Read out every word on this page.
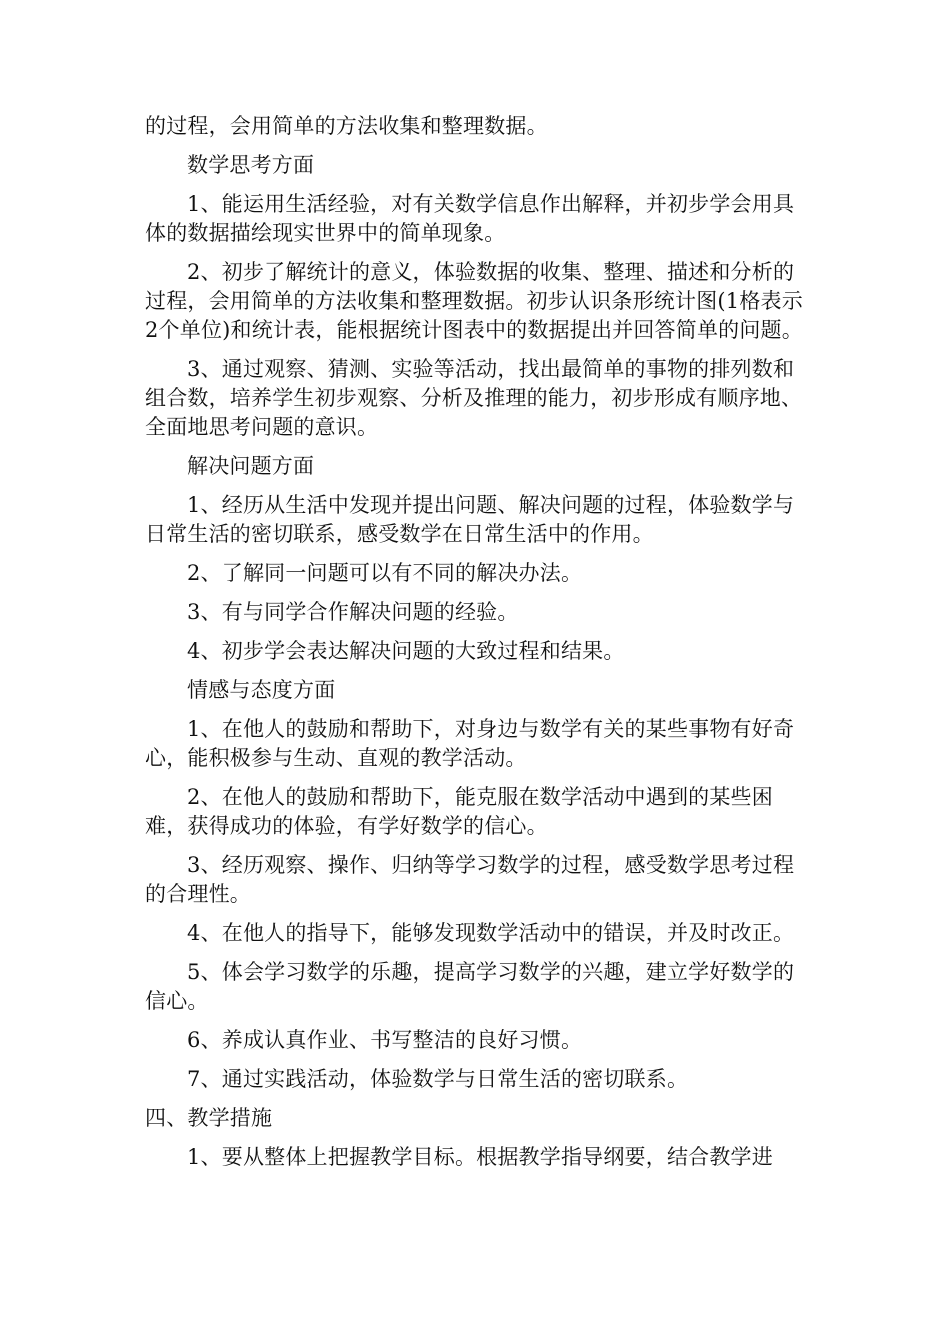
的过程，会用简单的方法收集和整理数据。

数学思考方面

1、能运用生活经验，对有关数学信息作出解释，并初步学会用具体的数据描绘现实世界中的简单现象。

2、初步了解统计的意义，体验数据的收集、整理、描述和分析的过程，会用简单的方法收集和整理数据。初步认识条形统计图(1格表示2个单位)和统计表，能根据统计图表中的数据提出并回答简单的问题。

3、通过观察、猜测、实验等活动，找出最简单的事物的排列数和组合数，培养学生初步观察、分析及推理的能力，初步形成有顺序地、全面地思考问题的意识。

解决问题方面

1、经历从生活中发现并提出问题、解决问题的过程，体验数学与日常生活的密切联系，感受数学在日常生活中的作用。

2、了解同一问题可以有不同的解决办法。

3、有与同学合作解决问题的经验。

4、初步学会表达解决问题的大致过程和结果。

情感与态度方面

1、在他人的鼓励和帮助下，对身边与数学有关的某些事物有好奇心，能积极参与生动、直观的教学活动。

2、在他人的鼓励和帮助下，能克服在数学活动中遇到的某些困难，获得成功的体验，有学好数学的信心。

3、经历观察、操作、归纳等学习数学的过程，感受数学思考过程的合理性。

4、在他人的指导下，能够发现数学活动中的错误，并及时改正。

5、体会学习数学的乐趣，提高学习数学的兴趣，建立学好数学的信心。

6、养成认真作业、书写整洁的良好习惯。

7、通过实践活动，体验数学与日常生活的密切联系。

四、教学措施

1、要从整体上把握教学目标。根据教学指导纲要，结合教学进
